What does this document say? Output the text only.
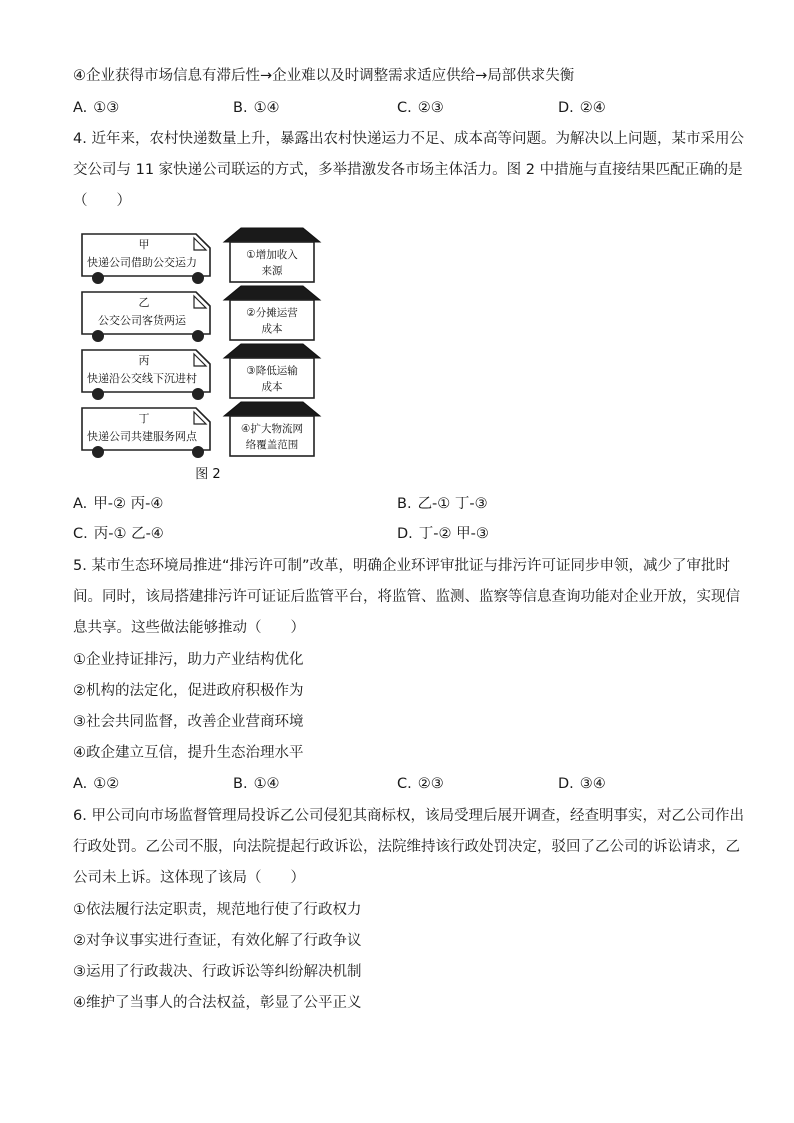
④企业获得市场信息有滞后性→企业难以及时调整需求适应供给→局部供求失衡
A. ①③	B. ①④	C. ②③	D. ②④
4. 近年来，农村快递数量上升，暴露出农村快递运力不足、成本高等问题。为解决以上问题，某市采用公
交公司与 11 家快递公司联运的方式，多举措激发各市场主体活力。图 2 中措施与直接结果匹配正确的是
（　　）
甲
快递公司借助公交运力
乙
公交公司客货两运
丙
快递沿公交线下沉进村
丁
快递公司共建服务网点
①增加收入
来源
②分摊运营
成本
③降低运输
成本
④扩大物流网
络覆盖范围
图 2
A. 甲-② 丙-④	B. 乙-① 丁-③
C. 丙-① 乙-④	D. 丁-② 甲-③
5. 某市生态环境局推进“排污许可制”改革，明确企业环评审批证与排污许可证同步申领，减少了审批时
间。同时，该局搭建排污许可证证后监管平台，将监管、监测、监察等信息查询功能对企业开放，实现信
息共享。这些做法能够推动（　　）
①企业持证排污，助力产业结构优化
②机构的法定化，促进政府积极作为
③社会共同监督，改善企业营商环境
④政企建立互信，提升生态治理水平
A. ①②	B. ①④	C. ②③	D. ③④
6. 甲公司向市场监督管理局投诉乙公司侵犯其商标权，该局受理后展开调查，经查明事实，对乙公司作出
行政处罚。乙公司不服，向法院提起行政诉讼，法院维持该行政处罚决定，驳回了乙公司的诉讼请求，乙
公司未上诉。这体现了该局（　　）
①依法履行法定职责，规范地行使了行政权力
②对争议事实进行查证，有效化解了行政争议
③运用了行政裁决、行政诉讼等纠纷解决机制
④维护了当事人的合法权益，彰显了公平正义
